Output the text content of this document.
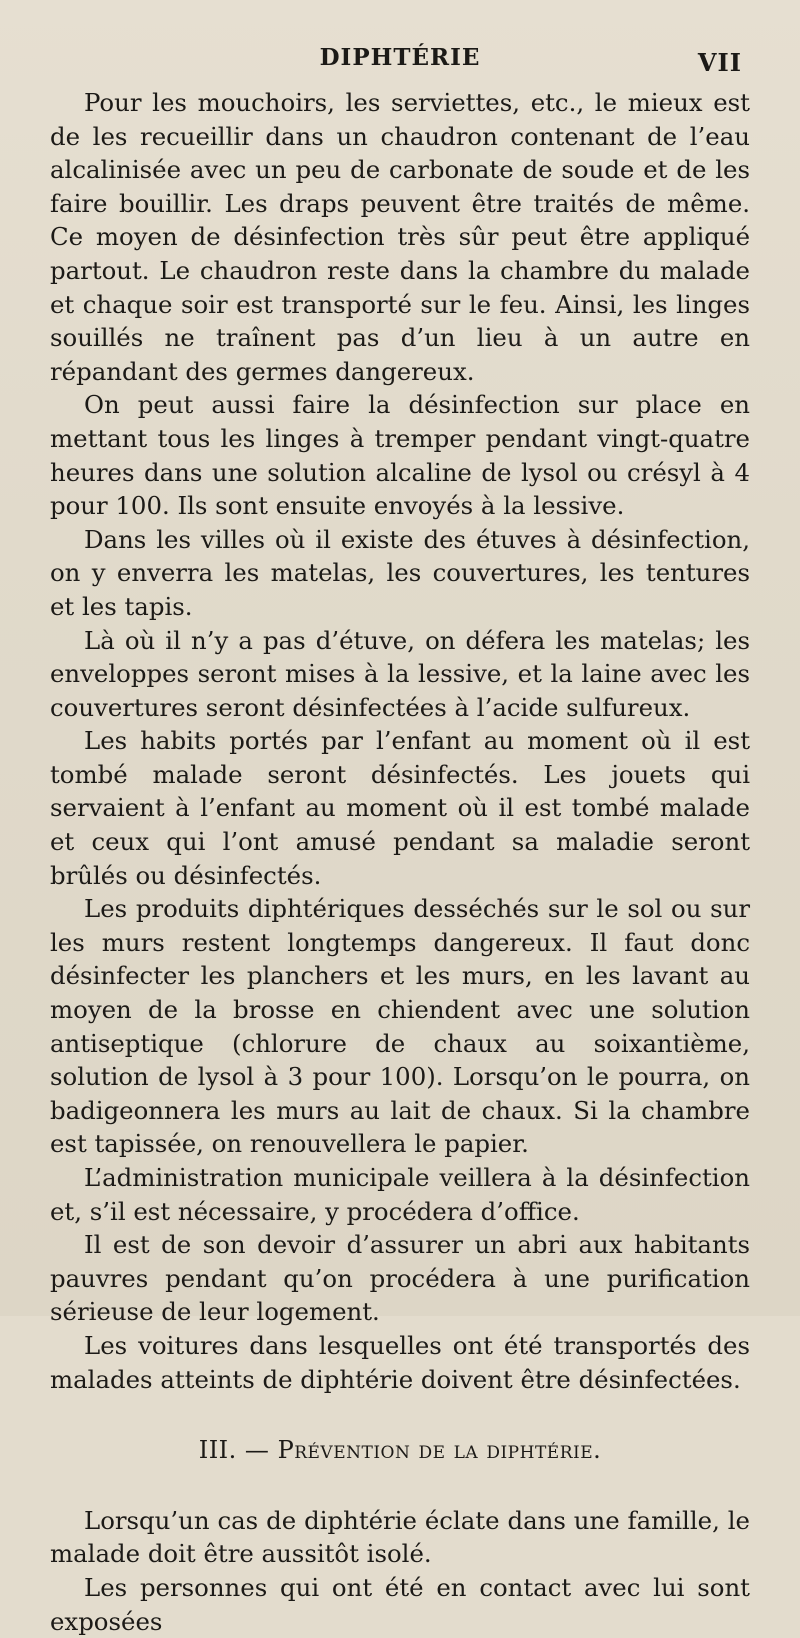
DIPHTÉRIE	VII

Pour les mouchoirs, les serviettes, etc., le mieux est de les recueillir dans un chaudron contenant de l’eau alcalinisée avec un peu de carbonate de soude et de les faire bouillir. Les draps peuvent être traités de même. Ce moyen de désinfection très sûr peut être appliqué partout. Le chaudron reste dans la chambre du malade et chaque soir est transporté sur le feu. Ainsi, les linges souillés ne traînent pas d’un lieu à un autre en répandant des germes dangereux.

On peut aussi faire la désinfection sur place en mettant tous les linges à tremper pendant vingt-quatre heures dans une solution alcaline de lysol ou crésyl à 4 pour 100. Ils sont ensuite envoyés à la lessive.

Dans les villes où il existe des étuves à désinfection, on y enverra les matelas, les couvertures, les tentures et les tapis.

Là où il n’y a pas d’étuve, on défera les matelas; les enveloppes seront mises à la lessive, et la laine avec les couvertures seront désinfectées à l’acide sulfureux.

Les habits portés par l’enfant au moment où il est tombé malade seront désinfectés. Les jouets qui servaient à l’enfant au moment où il est tombé malade et ceux qui l’ont amusé pendant sa maladie seront brûlés ou désinfectés.

Les produits diphtériques desséchés sur le sol ou sur les murs restent longtemps dangereux. Il faut donc désinfecter les planchers et les murs, en les lavant au moyen de la brosse en chiendent avec une solution antiseptique (chlorure de chaux au soixantième, solution de lysol à 3 pour 100). Lorsqu’on le pourra, on badigeonnera les murs au lait de chaux. Si la chambre est tapissée, on renouvellera le papier.

L’administration municipale veillera à la désinfection et, s’il est nécessaire, y procédera d’office.

Il est de son devoir d’assurer un abri aux habitants pauvres pendant qu’on procédera à une purification sérieuse de leur logement.

Les voitures dans lesquelles ont été transportés des malades atteints de diphtérie doivent être désinfectées.

III. — Prévention de la diphtérie.

Lorsqu’un cas de diphtérie éclate dans une famille, le malade doit être aussitôt isolé.

Les personnes qui ont été en contact avec lui sont exposées
